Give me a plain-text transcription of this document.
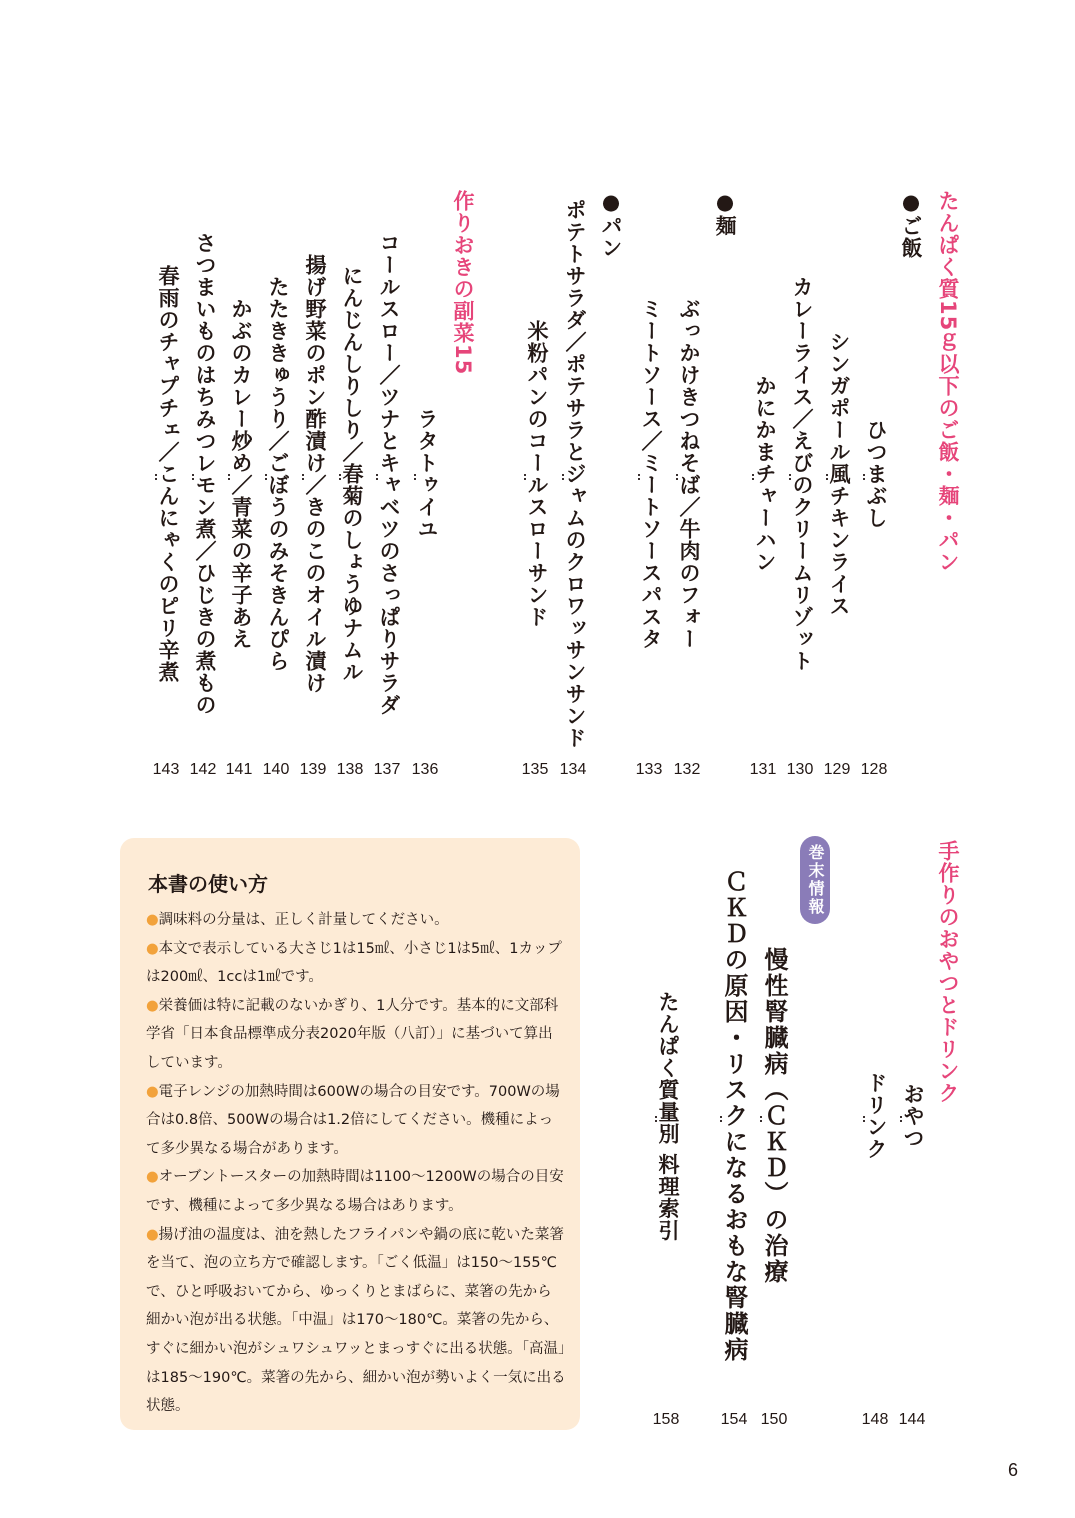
たんぱく質15ｇ以下のご飯・麺・パン
●ご飯
ひつまぶし
シンガポール風チキンライス
カレーライス／えびのクリームリゾット
かにかまチャーハン
●麺
ぶっかけきつねそば／牛肉のフォー
ミートソース／ミートソースパスタ
●パン
ポテトサラダ／ポテサラとジャムのクロワッサンサンド
米粉パンのコールスローサンド
作りおきの副菜15
ラタトゥイユ
コールスロー／ツナとキャベツのさっぱりサラダ
にんじんしりしり／春菊のしょうゆナムル
揚げ野菜のポン酢漬け／きのこのオイル漬け
たたききゅうり／ごぼうのみそきんぴら
かぶのカレー炒め／青菜の辛子あえ
さつまいものはちみつレモン煮／ひじきの煮もの
春雨のチャプチェ／こんにゃくのピリ辛煮
128
129
130
131
132
133
134
135
136
137
138
139
140
141
142
143
手作りのおやつとドリンク
おやつ
ドリンク
巻末情報
慢性腎臓病（ＣＫＤ）の治療
ＣＫＤの原因・リスクになるおもな腎臓病
たんぱく質量別 料理索引
144
148
150
154
158
本書の使い方

●調味料の分量は、正しく計量してください。

●本文で表示している大さじ1は15㎖、小さじ1は5㎖、1カップは200㎖、1ccは1㎖です。

●栄養価は特に記載のないかぎり、1人分です。基本的に文部科学省「日本食品標準成分表2020年版（八訂）」に基づいて算出しています。

●電子レンジの加熱時間は600Wの場合の目安です。700Wの場合は0.8倍、500Wの場合は1.2倍にしてください。機種によって多少異なる場合があります。

●オーブントースターの加熱時間は1100～1200Wの場合の目安です、機種によって多少異なる場合はあります。

●揚げ油の温度は、油を熱したフライパンや鍋の底に乾いた菜箸を当て、泡の立ち方で確認します。「ごく低温」は150～155℃で、ひと呼吸おいてから、ゆっくりとまばらに、菜箸の先から細かい泡が出る状態。「中温」は170～180℃。菜箸の先から、すぐに細かい泡がシュワシュワッとまっすぐに出る状態。「高温」は185～190℃。菜箸の先から、細かい泡が勢いよく一気に出る状態。

6
